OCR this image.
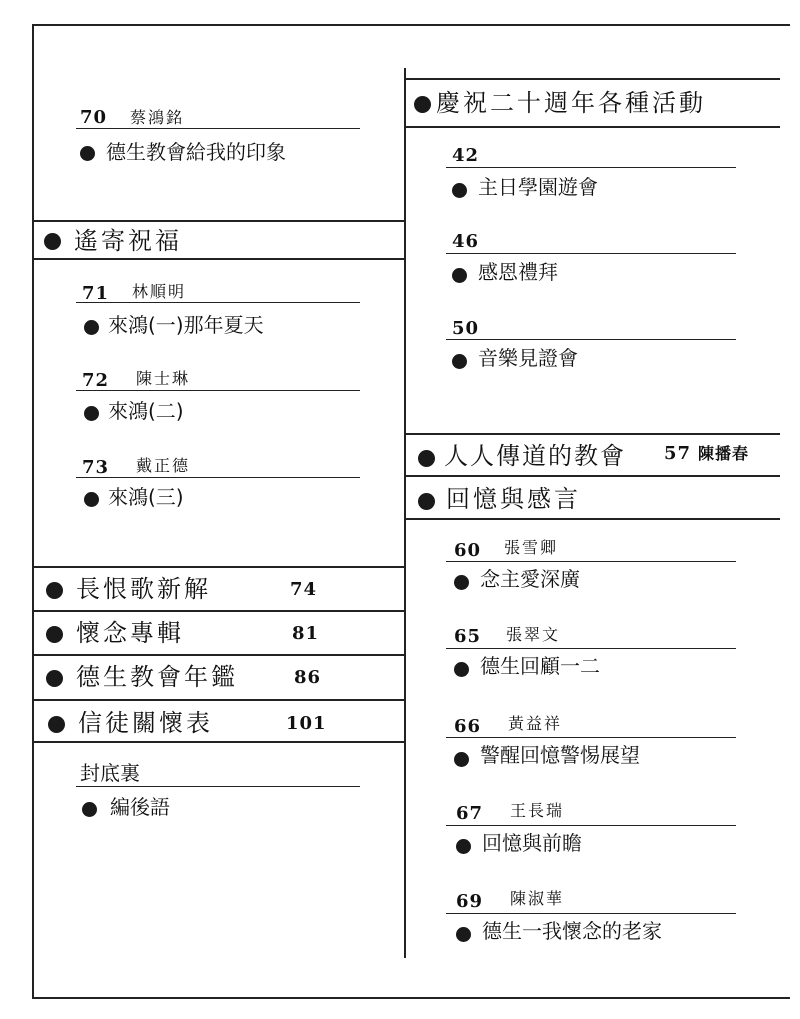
70 蔡鴻銘
德生教會給我的印象
遙寄祝福
71 林順明
來鴻(一)那年夏天
72 陳士琳
來鴻(二)
73 戴正德
來鴻(三)
長恨歌新解	74
懷念專輯	81
德生教會年鑑	86
信徒關懷表	101
封底裏
編後語
慶祝二十週年各種活動
42
主日學園遊會
46
感恩禮拜
50
音樂見證會
人人傳道的教會 57 陳播春
回憶與感言
60 張雪卿
念主愛深廣
65 張翠文
德生回顧一二
66 黃益祥
警醒回憶警惕展望
67 王長瑞
回憶與前瞻
69 陳淑華
德生一我懷念的老家
